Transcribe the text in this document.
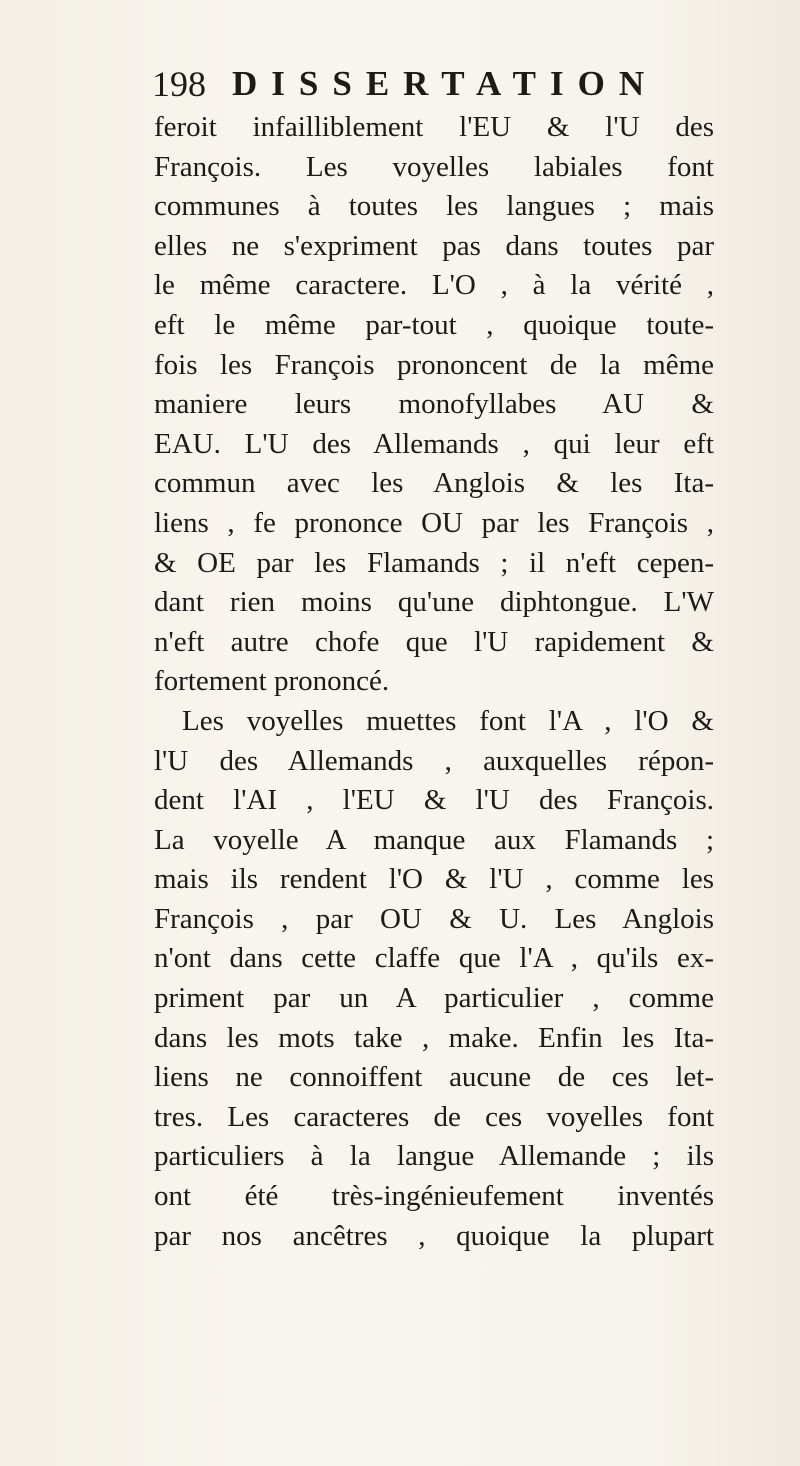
198 DISSERTATION
feroit infailliblement l'EU & l'U des
François. Les voyelles labiales font
communes à toutes les langues ; mais
elles ne s'expriment pas dans toutes par
le même caractere. L'O , à la vérité ,
eft le même par-tout , quoique toute-
fois les François prononcent de la même
maniere leurs monofyllabes AU &
EAU. L'U des Allemands , qui leur eft
commun avec les Anglois & les Ita-
liens , fe prononce OU par les François ,
& OE par les Flamands ; il n'eft cepen-
dant rien moins qu'une diphtongue. L'W
n'eft autre chofe que l'U rapidement &
fortement prononcé.
Les voyelles muettes font l'A , l'O &
l'U des Allemands , auxquelles répon-
dent l'AI , l'EU & l'U des François.
La voyelle A manque aux Flamands ;
mais ils rendent l'O & l'U , comme les
François , par OU & U. Les Anglois
n'ont dans cette claffe que l'A , qu'ils ex-
priment par un A particulier , comme
dans les mots take , make. Enfin les Ita-
liens ne connoiffent aucune de ces let-
tres. Les caracteres de ces voyelles font
particuliers à la langue Allemande ; ils
ont été très-ingénieufement inventés
par nos ancêtres , quoique la plupart
